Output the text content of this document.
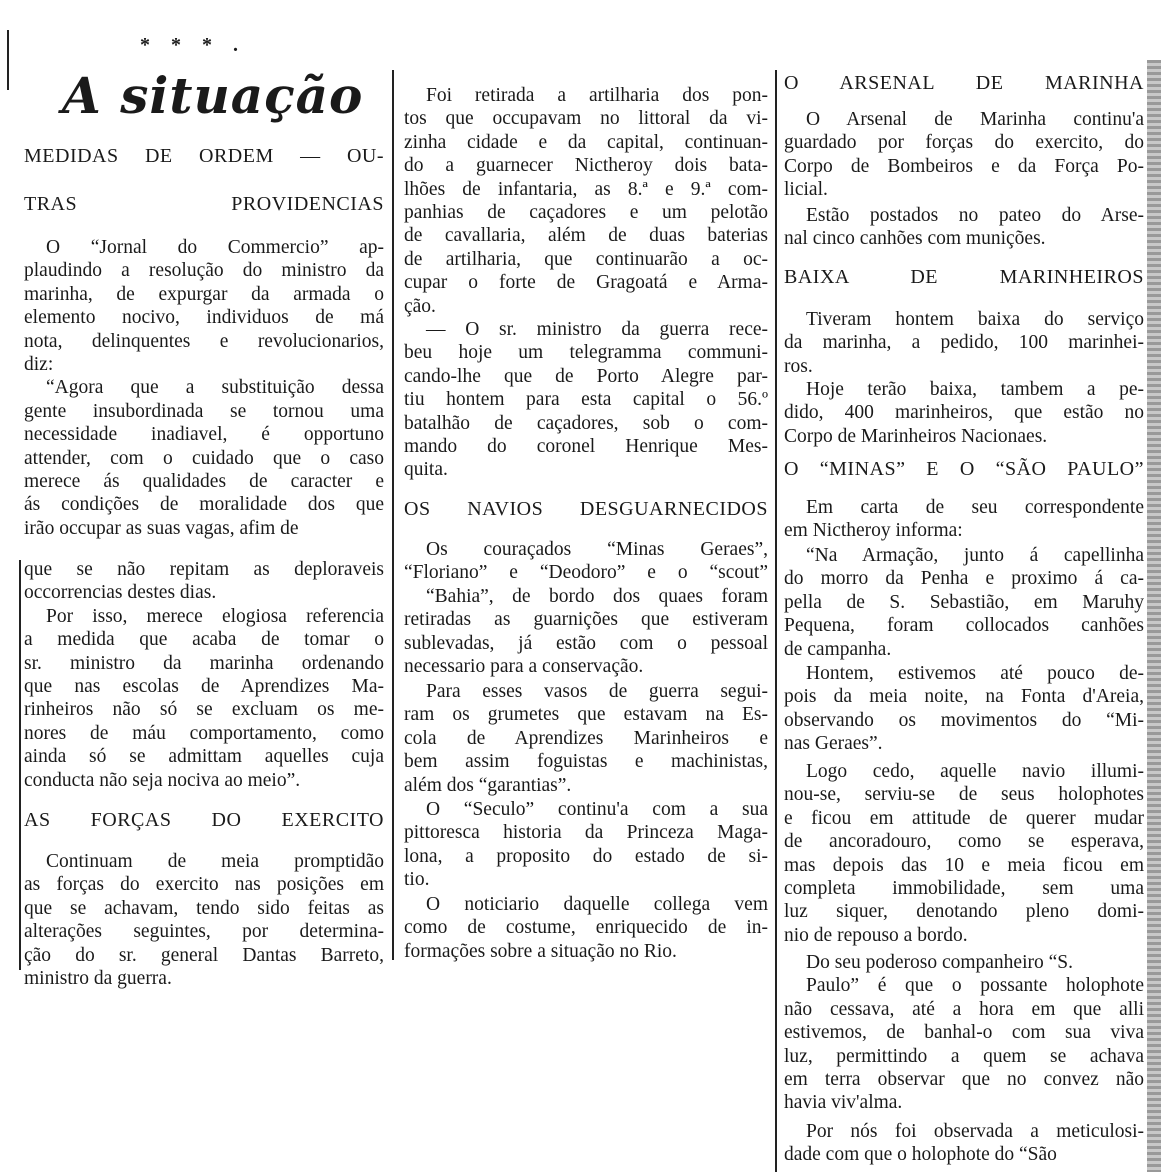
* * * .
A situação
MEDIDAS DE ORDEM — OU-
TRAS PROVIDENCIAS
O “Jornal do Commercio” ap-
plaudindo a resolução do ministro da
marinha, de expurgar da armada o
elemento nocivo, individuos de má
nota, delinquentes e revolucionarios,
diz:
“Agora que a substituição dessa
gente insubordinada se tornou uma
necessidade inadiavel, é opportuno
attender, com o cuidado que o caso
merece ás qualidades de caracter e
ás condições de moralidade dos que
irão occupar as suas vagas, afim de
que se não repitam as deploraveis
occorrencias destes dias.
Por isso, merece elogiosa referencia
a medida que acaba de tomar o
sr. ministro da marinha ordenando
que nas escolas de Aprendizes Ma-
rinheiros não só se excluam os me-
nores de máu comportamento, como
ainda só se admittam aquelles cuja
conducta não seja nociva ao meio”.
AS FORÇAS DO EXERCITO
Continuam de meia promptidão
as forças do exercito nas posições em
que se achavam, tendo sido feitas as
alterações seguintes, por determina-
ção do sr. general Dantas Barreto,
ministro da guerra.
Foi retirada a artilharia dos pon-
tos que occupavam no littoral da vi-
zinha cidade e da capital, continuan-
do a guarnecer Nictheroy dois bata-
lhões de infantaria, as 8.ª e 9.ª com-
panhias de caçadores e um pelotão
de cavallaria, além de duas baterias
de artilharia, que continuarão a oc-
cupar o forte de Gragoatá e Arma-
ção.
— O sr. ministro da guerra rece-
beu hoje um telegramma communi-
cando-lhe que de Porto Alegre par-
tiu hontem para esta capital o 56.º
batalhão de caçadores, sob o com-
mando do coronel Henrique Mes-
quita.
OS NAVIOS DESGUARNECIDOS
Os couraçados “Minas Geraes”,
“Floriano” e “Deodoro” e o “scout”
“Bahia”, de bordo dos quaes foram
retiradas as guarnições que estiveram
sublevadas, já estão com o pessoal
necessario para a conservação.
Para esses vasos de guerra segui-
ram os grumetes que estavam na Es-
cola de Aprendizes Marinheiros e
bem assim foguistas e machinistas,
além dos “garantias”.
O “Seculo” continu'a com a sua
pittoresca historia da Princeza Maga-
lona, a proposito do estado de si-
tio.
O noticiario daquelle collega vem
como de costume, enriquecido de in-
formações sobre a situação no Rio.
O ARSENAL DE MARINHA
O Arsenal de Marinha continu'a
guardado por forças do exercito, do
Corpo de Bombeiros e da Força Po-
licial.
Estão postados no pateo do Arse-
nal cinco canhões com munições.
BAIXA DE MARINHEIROS
Tiveram hontem baixa do serviço
da marinha, a pedido, 100 marinhei-
ros.
Hoje terão baixa, tambem a pe-
dido, 400 marinheiros, que estão no
Corpo de Marinheiros Nacionaes.
O “MINAS” E O “SÃO PAULO”
Em carta de seu correspondente
em Nictheroy informa:
“Na Armação, junto á capellinha
do morro da Penha e proximo á ca-
pella de S. Sebastião, em Maruhy
Pequena, foram collocados canhões
de campanha.
Hontem, estivemos até pouco de-
pois da meia noite, na Fonta d'Areia,
observando os movimentos do “Mi-
nas Geraes”.
Logo cedo, aquelle navio illumi-
nou-se, serviu-se de seus holophotes
e ficou em attitude de querer mudar
de ancoradouro, como se esperava,
mas depois das 10 e meia ficou em
completa immobilidade, sem uma
luz siquer, denotando pleno domi-
nio de repouso a bordo.
Do seu poderoso companheiro “S.
Paulo” é que o possante holophote
não cessava, até a hora em que alli
estivemos, de banhal-o com sua viva
luz, permittindo a quem se achava
em terra observar que no convez não
havia viv'alma.
Por nós foi observada a meticulosi-
dade com que o holophote do “São
